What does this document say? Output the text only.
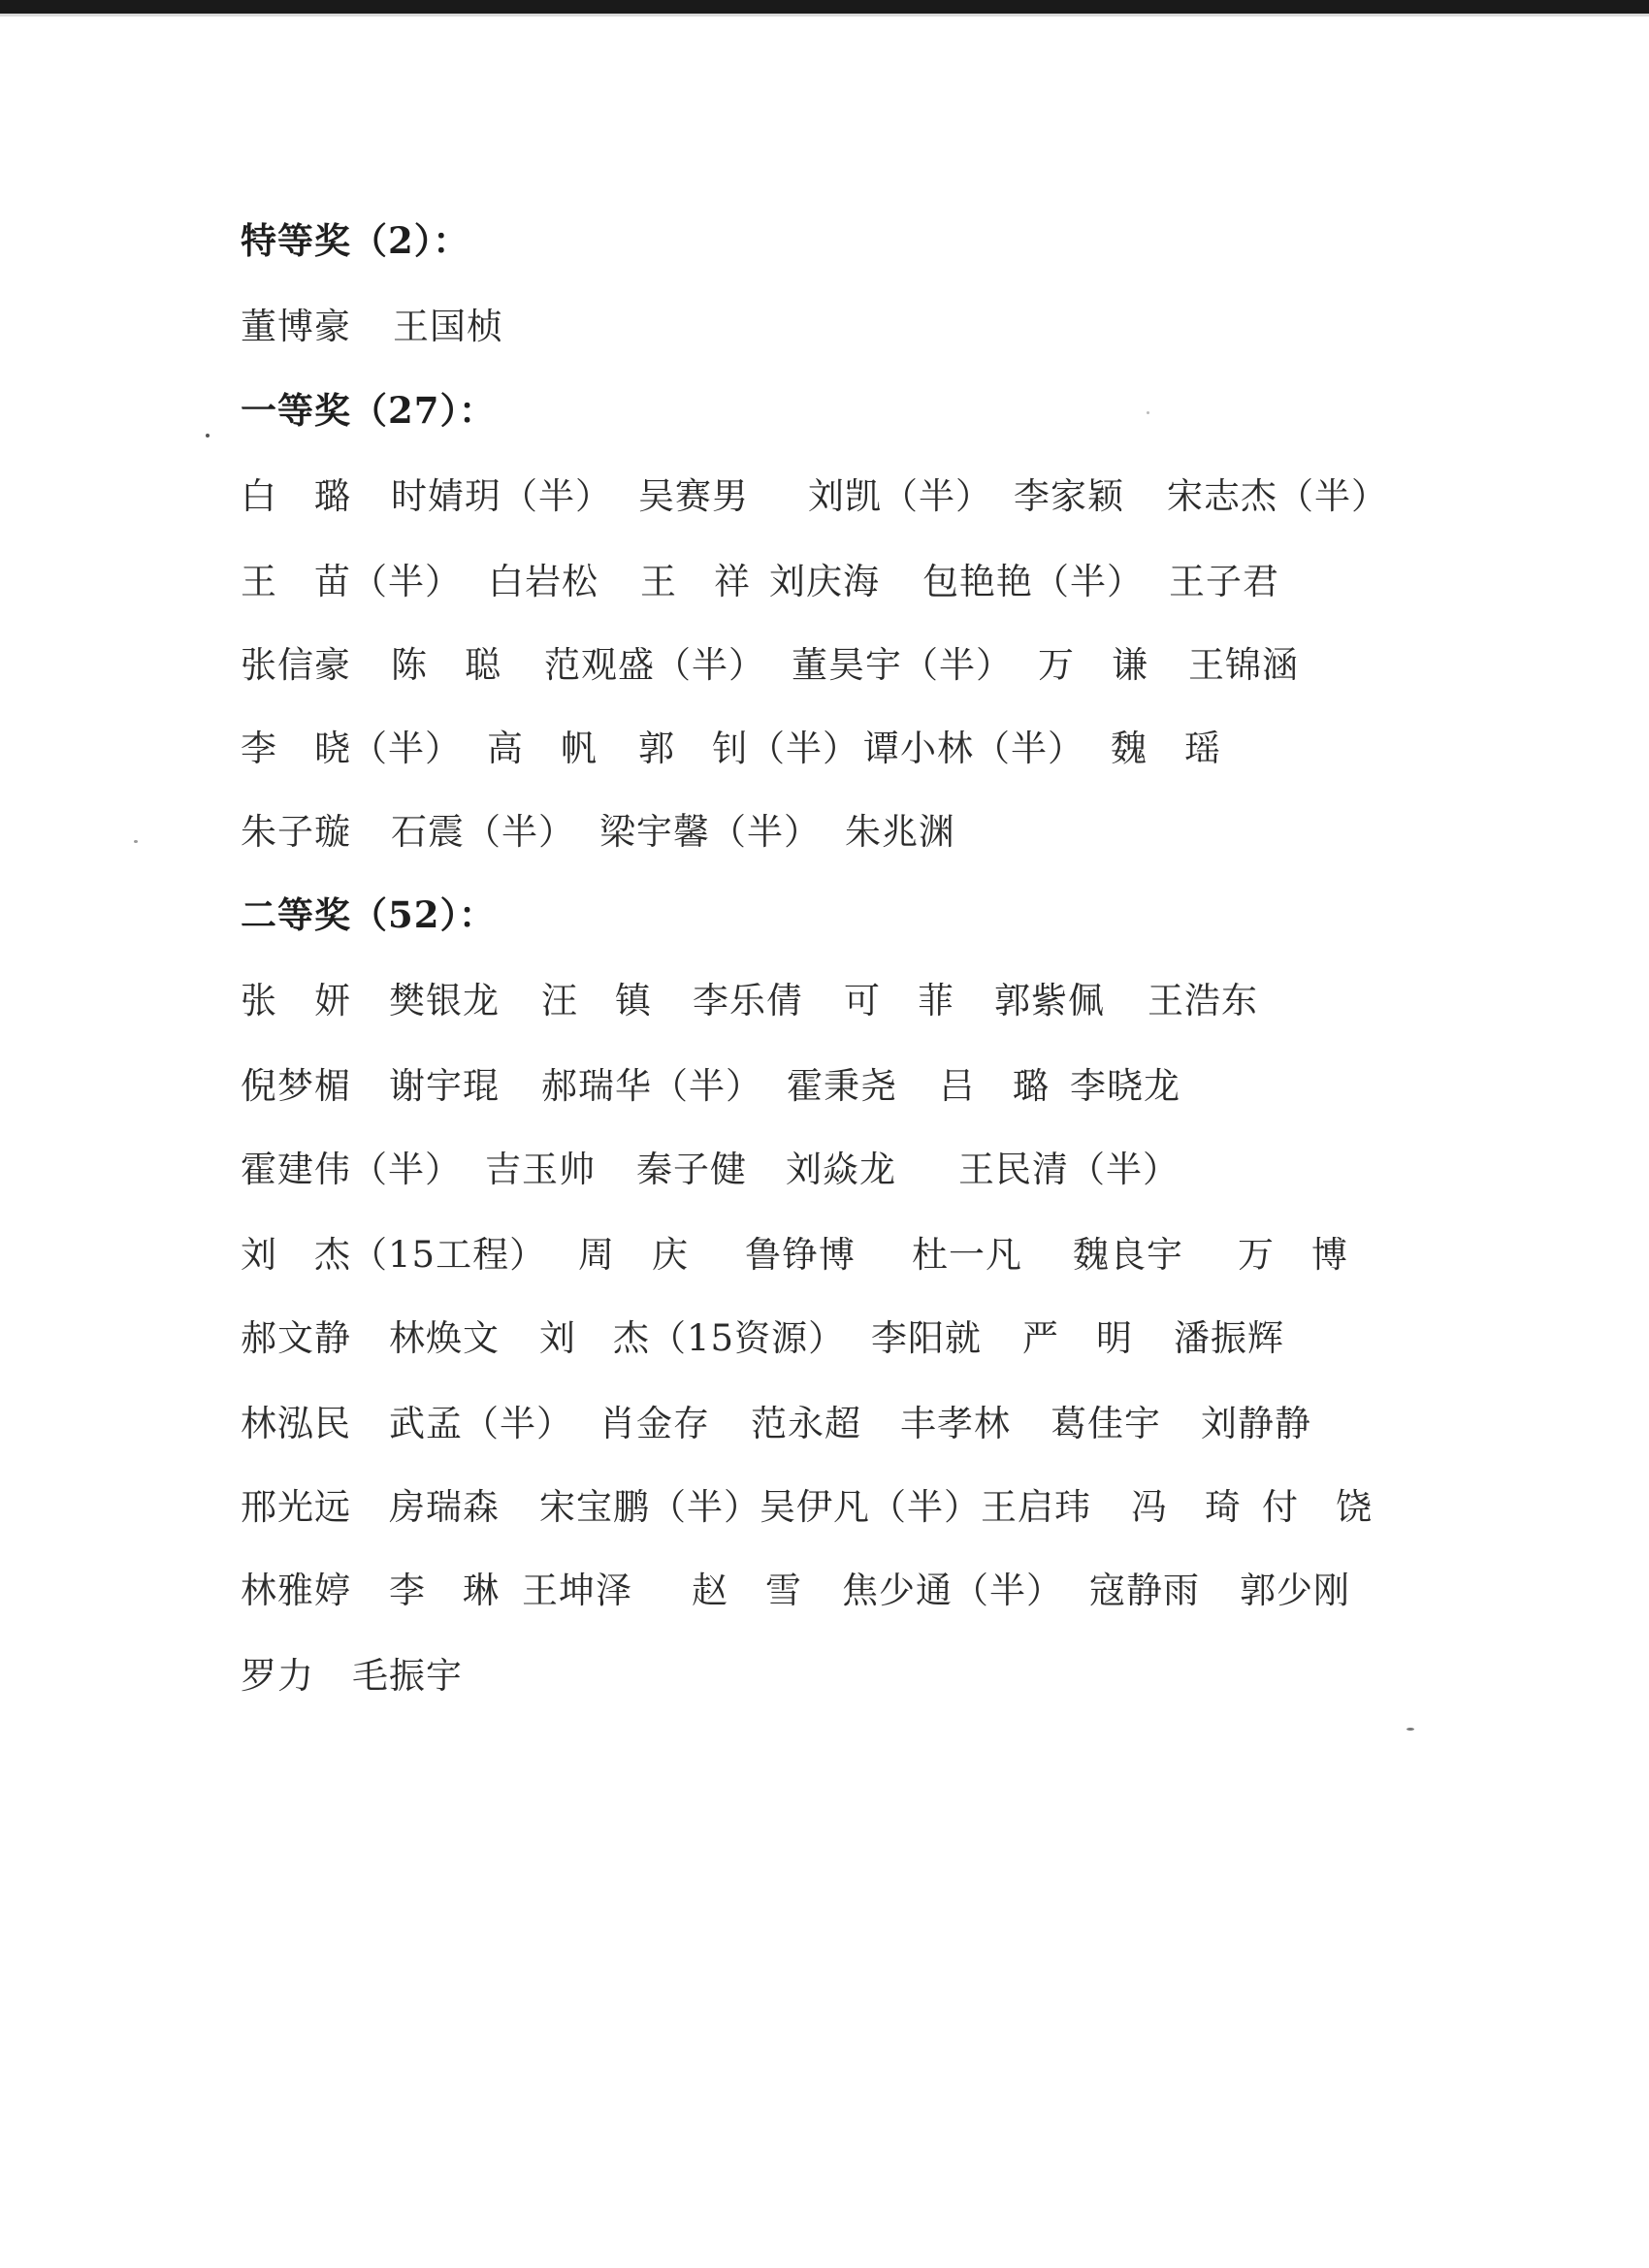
特等奖（2）：
董博豪 王国桢
一等奖（27）：
白　璐 时婧玥（半） 吴赛男 刘凯（半） 李家颖 宋志杰（半）
王　苗（半） 白岩松 王　祥 刘庆海 包艳艳（半） 王子君
张信豪 陈　聪 范观盛（半） 董昊宇（半） 万　谦 王锦涵
李　晓（半） 高　帆 郭　钊（半） 谭小林（半） 魏　瑶
朱子璇 石震（半） 梁宇馨（半） 朱兆渊
二等奖（52）：
张　妍 樊银龙 汪　镇 李乐倩 可　菲 郭紫佩 王浩东
倪梦楣 谢宇琨 郝瑞华（半） 霍秉尧 吕　璐 李晓龙
霍建伟（半） 吉玉帅 秦子健 刘焱龙 王民清（半）
刘　杰（15工程） 周　庆 鲁铮博 杜一凡 魏良宇 万　博
郝文静 林焕文 刘　杰（15资源） 李阳就 严　明 潘振辉
林泓民 武孟（半） 肖金存 范永超 丰孝林 葛佳宇 刘静静
邢光远 房瑞森 宋宝鹏（半） 吴伊凡（半） 王启玮 冯　琦 付　饶
林雅婷 李　琳 王坤泽 赵　雪 焦少通（半） 寇静雨 郭少刚
罗力 毛振宇
